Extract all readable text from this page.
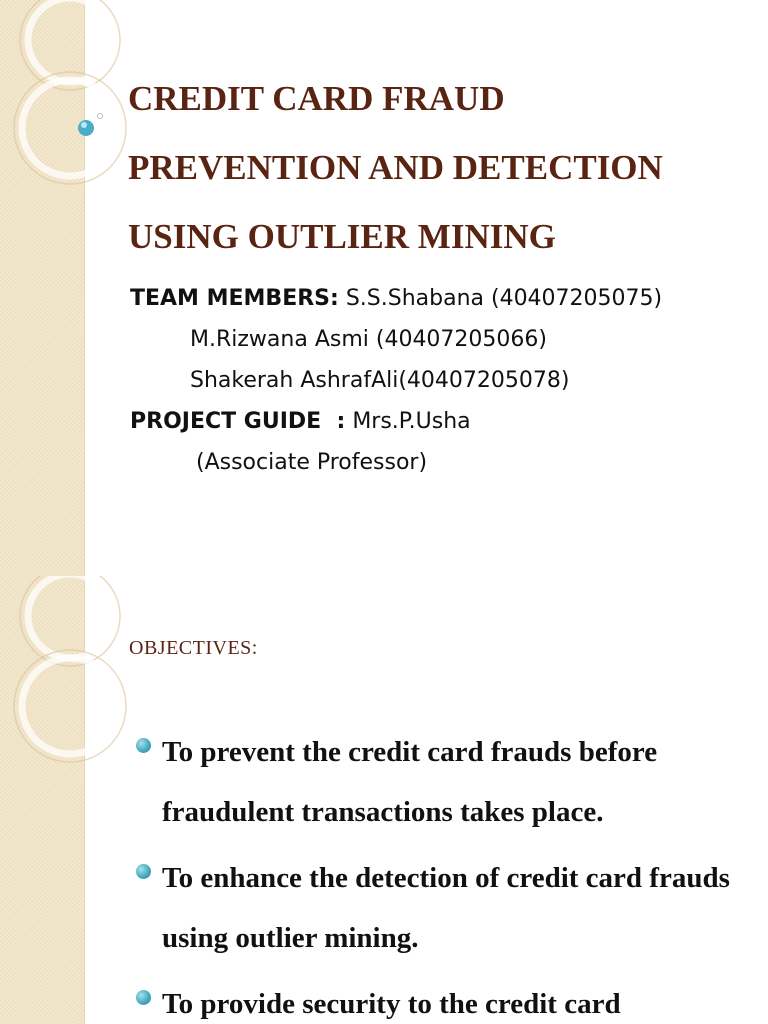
CREDIT CARD FRAUD
PREVENTION AND DETECTION
USING OUTLIER MINING
TEAM MEMBERS: S.S.Shabana (40407205075)
M.Rizwana Asmi (40407205066)
Shakerah AshrafAli(40407205078)
PROJECT GUIDE  : Mrs.P.Usha
(Associate Professor)
OBJECTIVES:
To prevent the credit card frauds before fraudulent transactions takes place.
To enhance the detection of credit card frauds using outlier mining.
To provide security to the credit card
